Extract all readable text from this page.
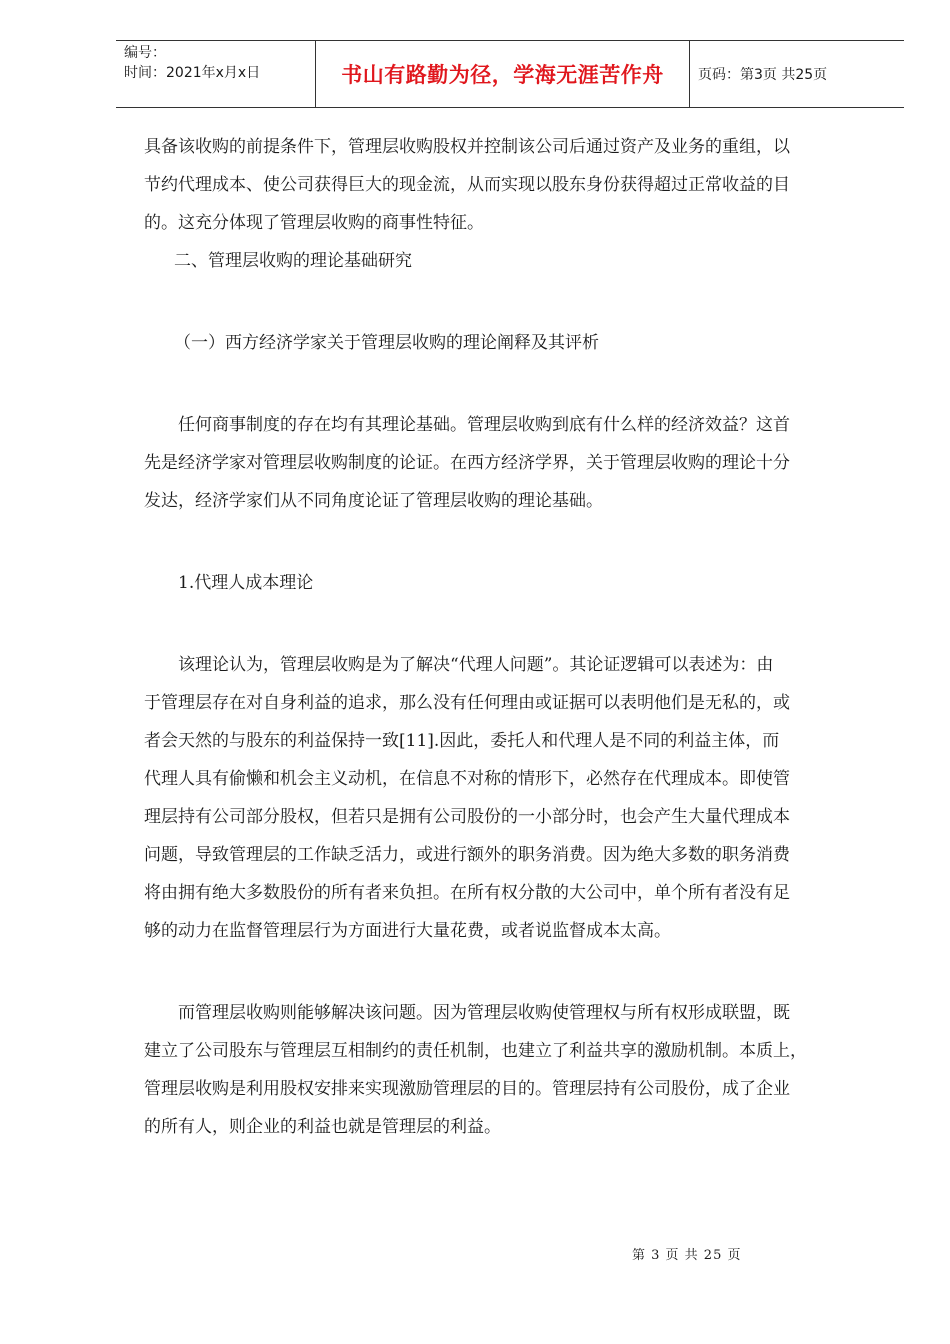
编号：
时间：2021年x月x日	书山有路勤为径，学海无涯苦作舟	页码：第3页 共25页
具备该收购的前提条件下，管理层收购股权并控制该公司后通过资产及业务的重组，以
节约代理成本、使公司获得巨大的现金流，从而实现以股东身份获得超过正常收益的目
的。这充分体现了管理层收购的商事性特征。
二、管理层收购的理论基础研究
（一）西方经济学家关于管理层收购的理论阐释及其评析
任何商事制度的存在均有其理论基础。管理层收购到底有什么样的经济效益？这首
先是经济学家对管理层收购制度的论证。在西方经济学界，关于管理层收购的理论十分
发达，经济学家们从不同角度论证了管理层收购的理论基础。
1.代理人成本理论
该理论认为，管理层收购是为了解决“代理人问题”。其论证逻辑可以表述为：由
于管理层存在对自身利益的追求，那么没有任何理由或证据可以表明他们是无私的，或
者会天然的与股东的利益保持一致[11].因此，委托人和代理人是不同的利益主体，而
代理人具有偷懒和机会主义动机，在信息不对称的情形下，必然存在代理成本。即使管
理层持有公司部分股权，但若只是拥有公司股份的一小部分时，也会产生大量代理成本
问题，导致管理层的工作缺乏活力，或进行额外的职务消费。因为绝大多数的职务消费
将由拥有绝大多数股份的所有者来负担。在所有权分散的大公司中，单个所有者没有足
够的动力在监督管理层行为方面进行大量花费，或者说监督成本太高。
而管理层收购则能够解决该问题。因为管理层收购使管理权与所有权形成联盟，既
建立了公司股东与管理层互相制约的责任机制，也建立了利益共享的激励机制。本质上，
管理层收购是利用股权安排来实现激励管理层的目的。管理层持有公司股份，成了企业
的所有人，则企业的利益也就是管理层的利益。
第 3 页 共 25 页
